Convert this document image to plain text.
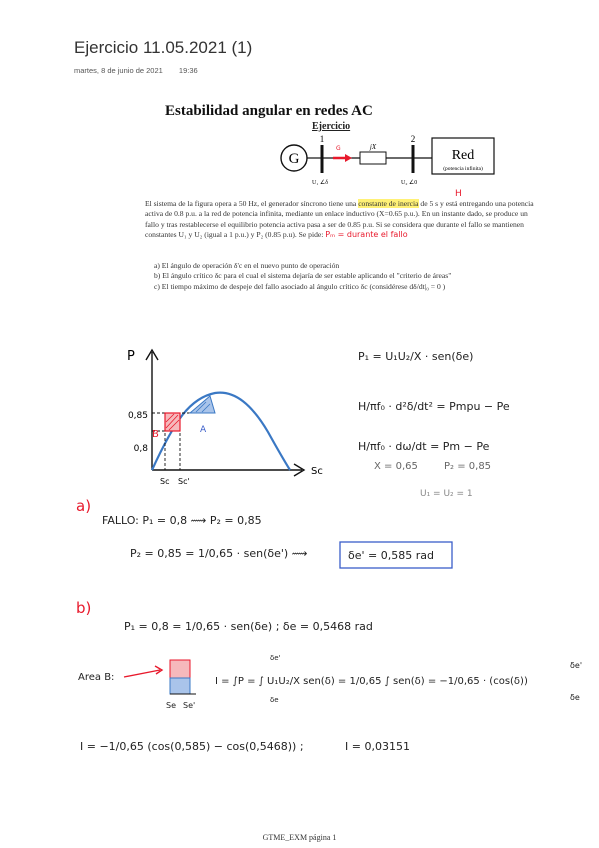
Ejercicio 11.05.2021 (1)
martes, 8 de junio de 2021 19:36
Estabilidad angular en redes AC
Ejercicio
G
1
jX
2
Red
(potencia infinita)
U₁ ∠δ	U₂ ∠0
G
H
P
Sc
0,85
0,8
B	A
Sc Sc'
P₁ = U₁U₂/X · sen(δe)
H/πf₀ · d²δ/dt² = Pmpu − Pe
H/πf₀ · dω/dt = Pm − Pe
X = 0,65	P₂ = 0,85
U₁ = U₂ = 1
a)
FALLO: P₁ = 0,8 ⟿ P₂ = 0,85
P₂ = 0,85 = 1/0,65 · sen(δe') ⟿	δe' = 0,585 rad
b)
P₁ = 0,8 = 1/0,65 · sen(δe) ; δe = 0,5468 rad
Area B:
Se Se'
I = ∫P = ∫ U₁U₂/X sen(δ) = 1/0,65 ∫ sen(δ) = −1/0,65 · (cos(δ))
δe'
δe
δe'
δe
I = −1/0,65 (cos(0,585) − cos(0,5468)) ;	I = 0,03151
El sistema de la figura opera a 50 Hz, el generador síncrono tiene una constante de inercia de 5 s y está entregando una potencia activa de 0.8 p.u. a la red de potencia infinita, mediante un enlace inductivo (X=0.65 p.u.). En un instante dado, se produce un fallo y tras restablecerse el equilibrio potencia activa pasa a ser de 0.85 p.u. Si se considera que durante el fallo se mantienen constantes U₁ y U₂ (igual a 1 p.u.) y P₂ (0.85 p.u). Se pide: Pₘ = durante el fallo
a) El ángulo de operación δ'c en el nuevo punto de operación
b) El ángulo crítico δc para el cual el sistema dejaría de ser estable aplicando el "criterio de áreas"
c) El tiempo máximo de despeje del fallo asociado al ángulo crítico δc (considérese dδ/dt|₀ = 0 )
GTME_EXM página 1
